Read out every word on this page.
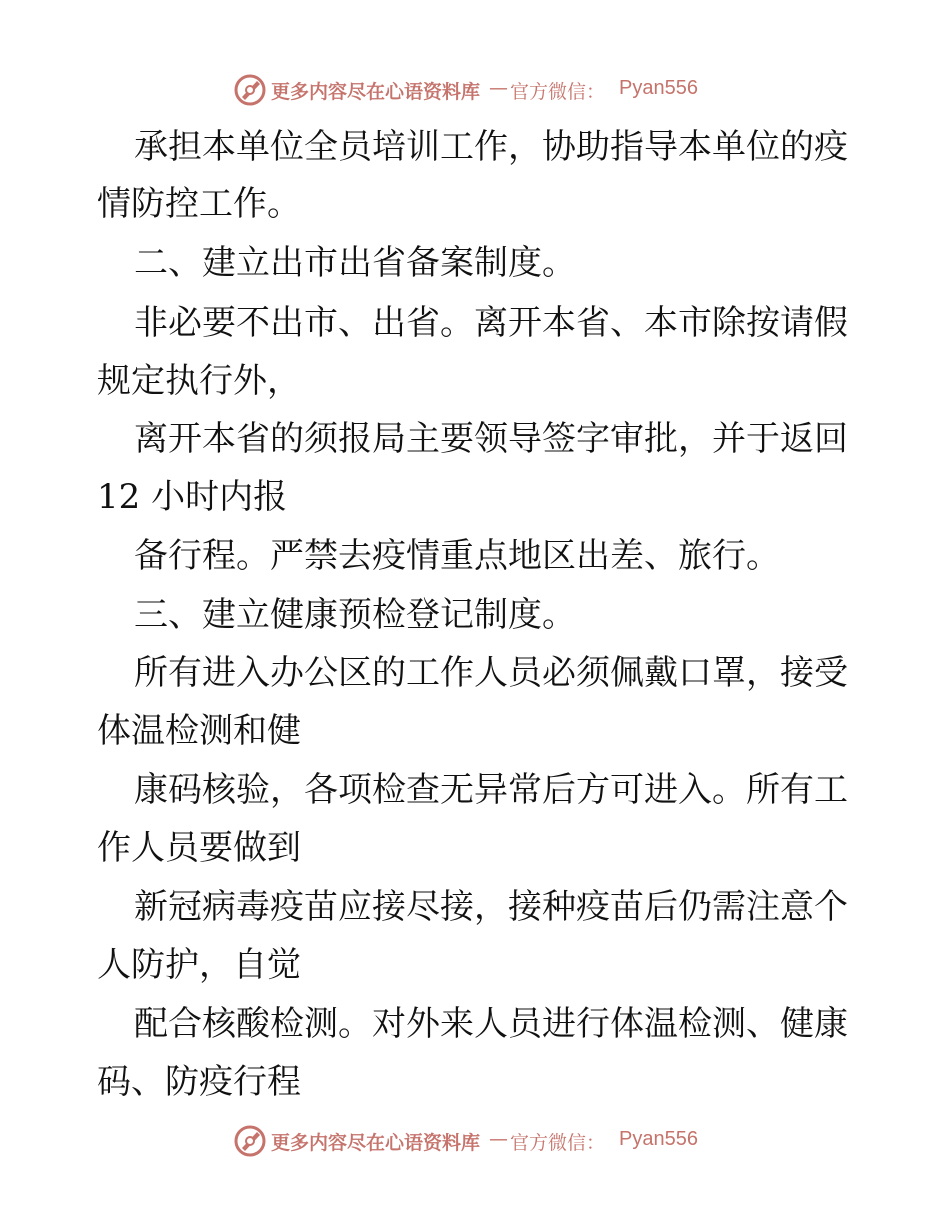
更多内容尽在心语资料库 — 官方微信： Pyan556
承担本单位全员培训工作，协助指导本单位的疫
情防控工作。
二、建立出市出省备案制度。
非必要不出市、出省。离开本省、本市除按请假
规定执行外，
离开本省的须报局主要领导签字审批，并于返回
12 小时内报
备行程。严禁去疫情重点地区出差、旅行。
三、建立健康预检登记制度。
所有进入办公区的工作人员必须佩戴口罩，接受
体温检测和健
康码核验，各项检查无异常后方可进入。所有工
作人员要做到
新冠病毒疫苗应接尽接，接种疫苗后仍需注意个
人防护，自觉
配合核酸检测。对外来人员进行体温检测、健康
码、防疫行程
更多内容尽在心语资料库 — 官方微信： Pyan556
